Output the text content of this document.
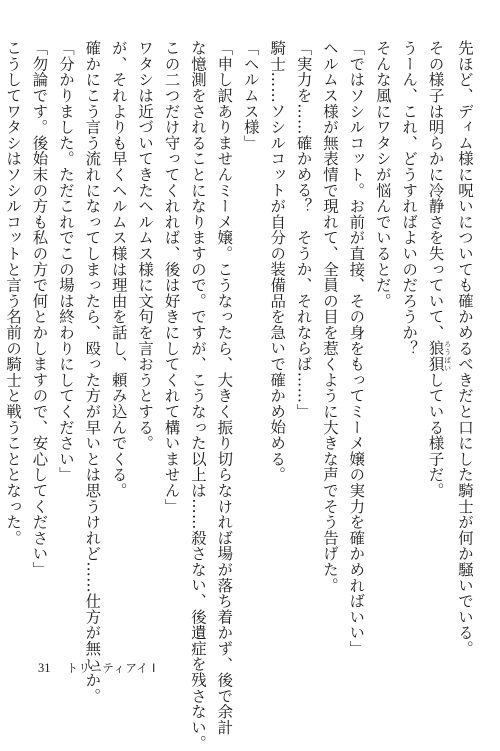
先ほど、ディム様に呪いについても確かめるべきだと口にした騎士が何か騒いでいる。
その様子は明らかに冷静さを失っていて、狼狽 ろうばいしている様子だ。
うーん、これ、どうすればよいのだろうか？
そんな風にワタシが悩んでいるとだ。
「ではソシルコット。お前が直接、その身をもってミーメ嬢の実力を確かめればいい」
ヘルムス様が無表情で現れて、全員の目を惹くように大きな声でそう告げた。
「実力を……確かめる？　そうか、それならば……」
騎士……ソシルコットが自分の装備品を急いで確かめ始める。
「ヘルムス様」
「申し訳ありませんミーメ嬢。こうなったら、大きく振り切らなければ場が落ち着かず、後で余計
な憶測をされることになりますので。ですが、こうなった以上は……殺さない、後遺症を残さない。
この二つだけ守ってくれれば、後は好きにしてくれて構いません」
ワタシは近づいてきたヘルムス様に文句を言おうとする。
が、それよりも早くヘルムス様は理由を話し、頼み込んでくる。
確かにこう言う流れになってしまったら、殴った方が早いとは思うけれど……仕方が無いか。
「分かりました。ただこれでこの場は終わりにしてください」
「勿論です。後始末の方も私の方で何とかしますので、安心してください」
こうしてワタシはソシルコットと言う名前の騎士と戦うこととなった。
31 トリニティアイ Ⅰ
